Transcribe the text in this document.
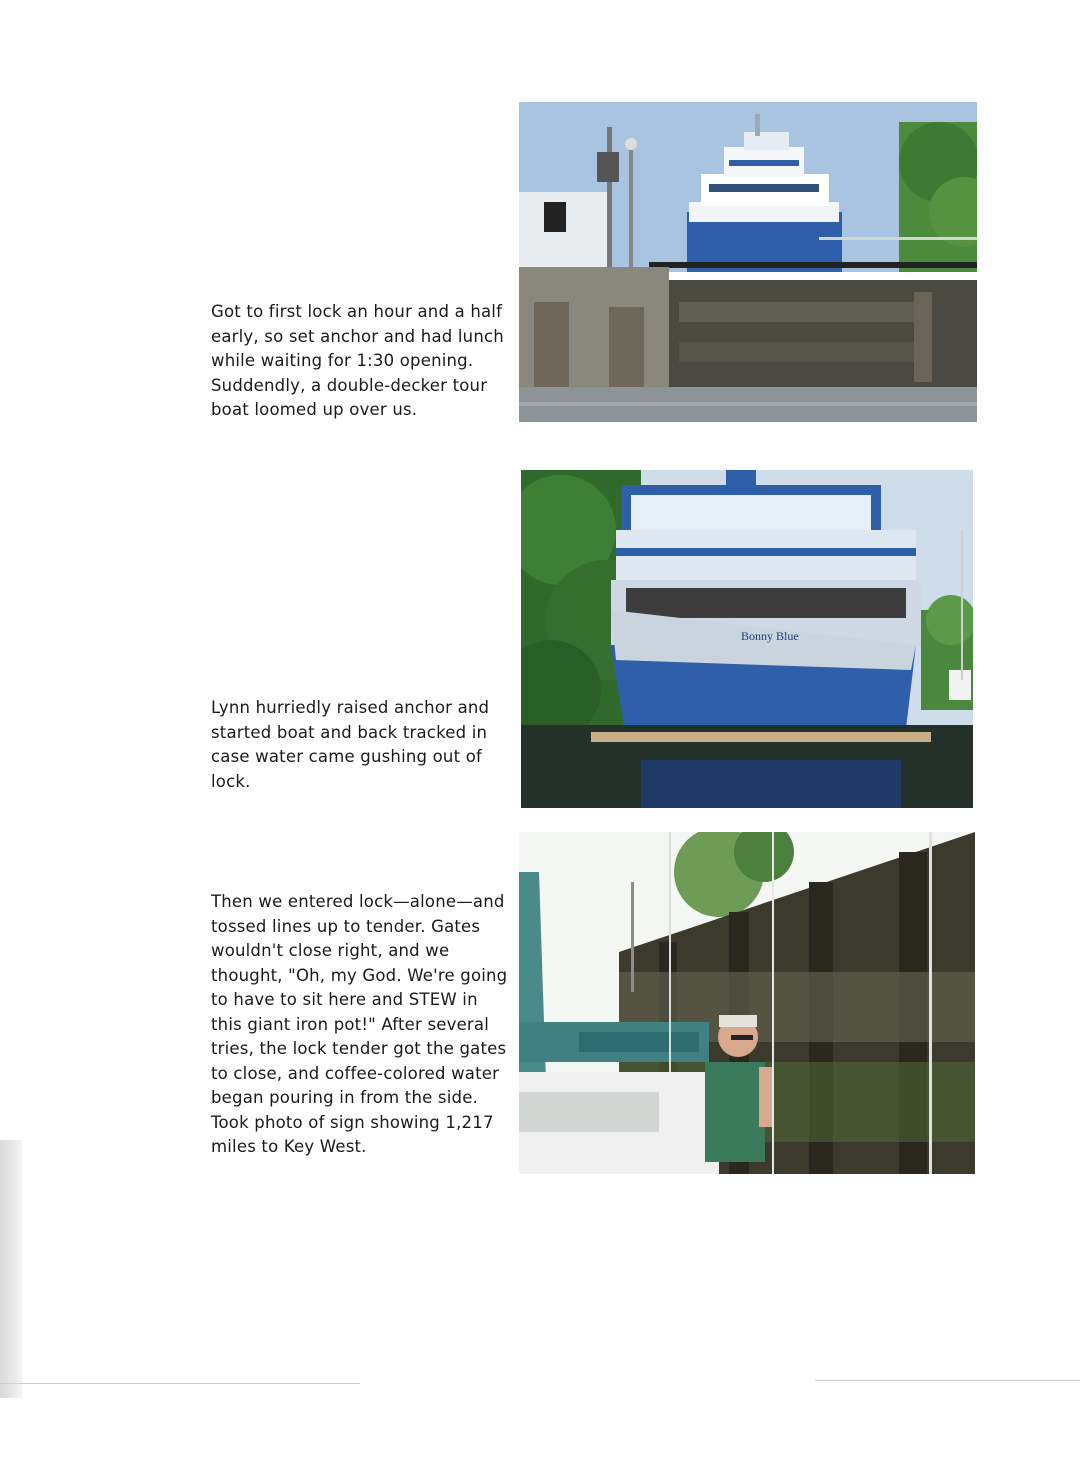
Got to first lock an hour and a half early, so set anchor and had lunch while waiting for 1:30 opening. Suddendly, a double-decker tour boat loomed up over us.

Lynn hurriedly raised anchor and started boat and back tracked in case water came gushing out of lock.

Bonny Blue

Then we entered lock—alone—and tossed lines up to tender. Gates wouldn't close right, and we thought, "Oh, my God. We're going to have to sit here and STEW in this giant iron pot!" After several tries, the lock tender got the gates to close, and coffee-colored water began pouring in from the side. Took photo of sign showing 1,217 miles to Key West.
